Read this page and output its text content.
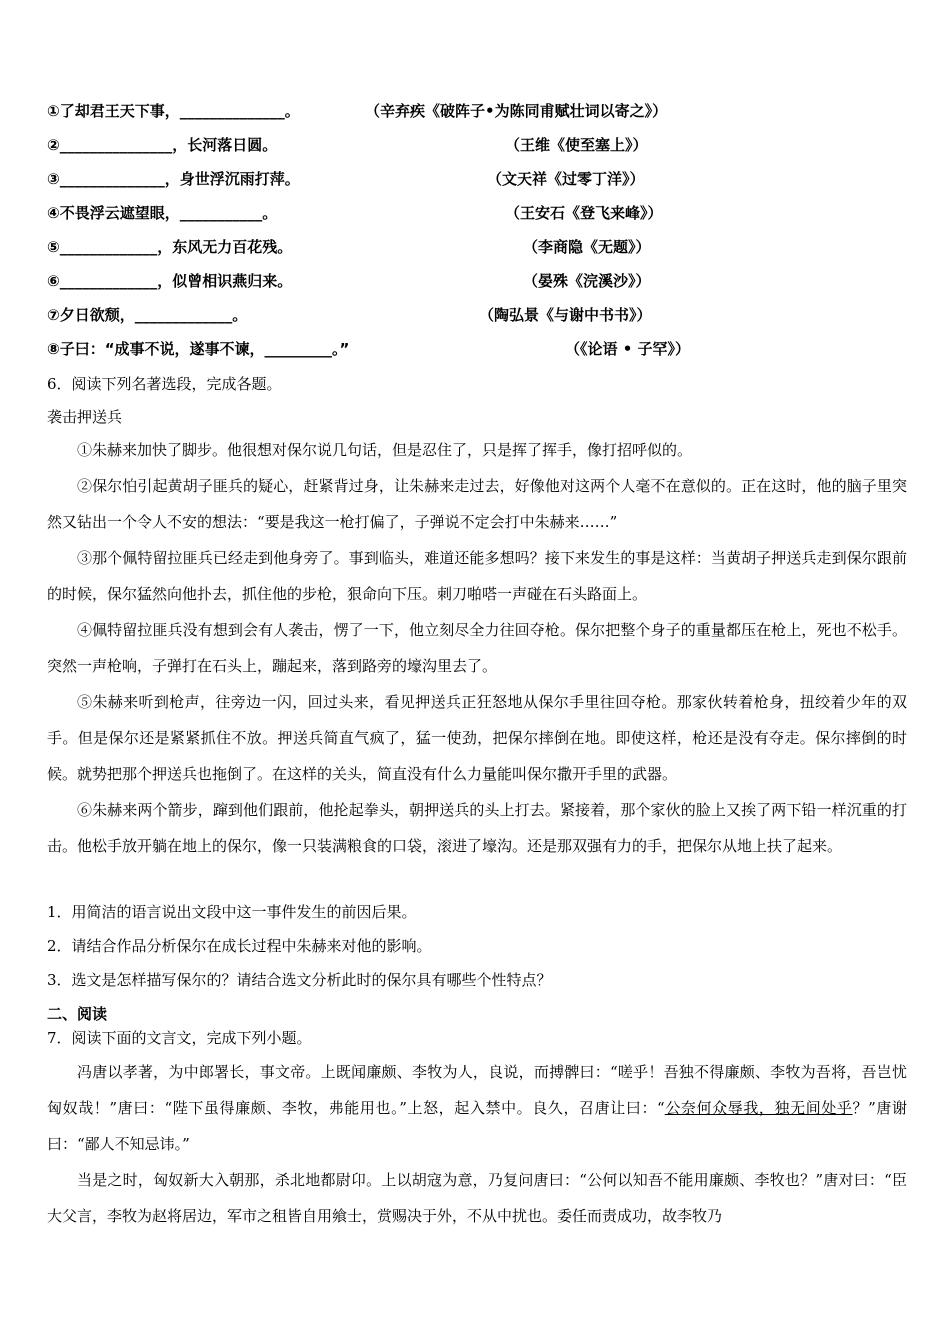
①了却君王天下事，______________。	（辛弃疾《破阵子•为陈同甫赋壮词以寄之》）
②_______________，长河落日圆。	（王维《使至塞上》）
③______________，身世浮沉雨打萍。	（文天祥《过零丁洋》）
④不畏浮云遮望眼，___________。	（王安石《登飞来峰》）
⑤_____________，东风无力百花残。	（李商隐《无题》）
⑥_____________，似曾相识燕归来。	（晏殊《浣溪沙》）
⑦夕日欲颓，_____________。	（陶弘景《与谢中书书》）
⑧子曰：“成事不说，遂事不谏，_________。”	（《论语 • 子罕》）
6．阅读下列名著选段，完成各题。
袭击押送兵
①朱赫来加快了脚步。他很想对保尔说几句话，但是忍住了，只是挥了挥手，像打招呼似的。
②保尔怕引起黄胡子匪兵的疑心，赶紧背过身，让朱赫来走过去，好像他对这两个人毫不在意似的。正在这时，他的脑子里突然又钻出一个令人不安的想法：“要是我这一枪打偏了，子弹说不定会打中朱赫来……”
③那个佩特留拉匪兵已经走到他身旁了。事到临头，难道还能多想吗？接下来发生的事是这样：当黄胡子押送兵走到保尔跟前的时候，保尔猛然向他扑去，抓住他的步枪，狠命向下压。刺刀啪嗒一声碰在石头路面上。
④佩特留拉匪兵没有想到会有人袭击，愣了一下，他立刻尽全力往回夺枪。保尔把整个身子的重量都压在枪上，死也不松手。突然一声枪响，子弹打在石头上，蹦起来，落到路旁的壕沟里去了。
⑤朱赫来听到枪声，往旁边一闪，回过头来，看见押送兵正狂怒地从保尔手里往回夺枪。那家伙转着枪身，扭绞着少年的双手。但是保尔还是紧紧抓住不放。押送兵简直气疯了，猛一使劲，把保尔摔倒在地。即使这样，枪还是没有夺走。保尔摔倒的时候。就势把那个押送兵也拖倒了。在这样的关头，简直没有什么力量能叫保尔撒开手里的武器。
⑥朱赫来两个箭步，蹿到他们跟前，他抡起拳头，朝押送兵的头上打去。紧接着，那个家伙的脸上又挨了两下铅一样沉重的打击。他松手放开躺在地上的保尔，像一只装满粮食的口袋，滚进了壕沟。还是那双强有力的手，把保尔从地上扶了起来。
1．用简洁的语言说出文段中这一事件发生的前因后果。
2．请结合作品分析保尔在成长过程中朱赫来对他的影响。
3．选文是怎样描写保尔的？请结合选文分析此时的保尔具有哪些个性特点？
二、阅读
7．阅读下面的文言文，完成下列小题。
冯唐以孝著，为中郎署长，事文帝。上既闻廉颇、李牧为人，良说，而搏髀曰：“嗟乎！吾独不得廉颇、李牧为吾将，吾岂忧匈奴哉！”唐曰：“陛下虽得廉颇、李牧，弗能用也。”上怒，起入禁中。良久，召唐让曰：“公奈何众辱我，独无间处乎？”唐谢曰：“鄙人不知忌讳。”
当是之时，匈奴新大入朝那，杀北地都尉卬。上以胡寇为意，乃复问唐曰：“公何以知吾不能用廉颇、李牧也？”唐对曰：“臣大父言，李牧为赵将居边，军市之租皆自用飨士，赏赐决于外，不从中扰也。委任而责成功，故李牧乃
